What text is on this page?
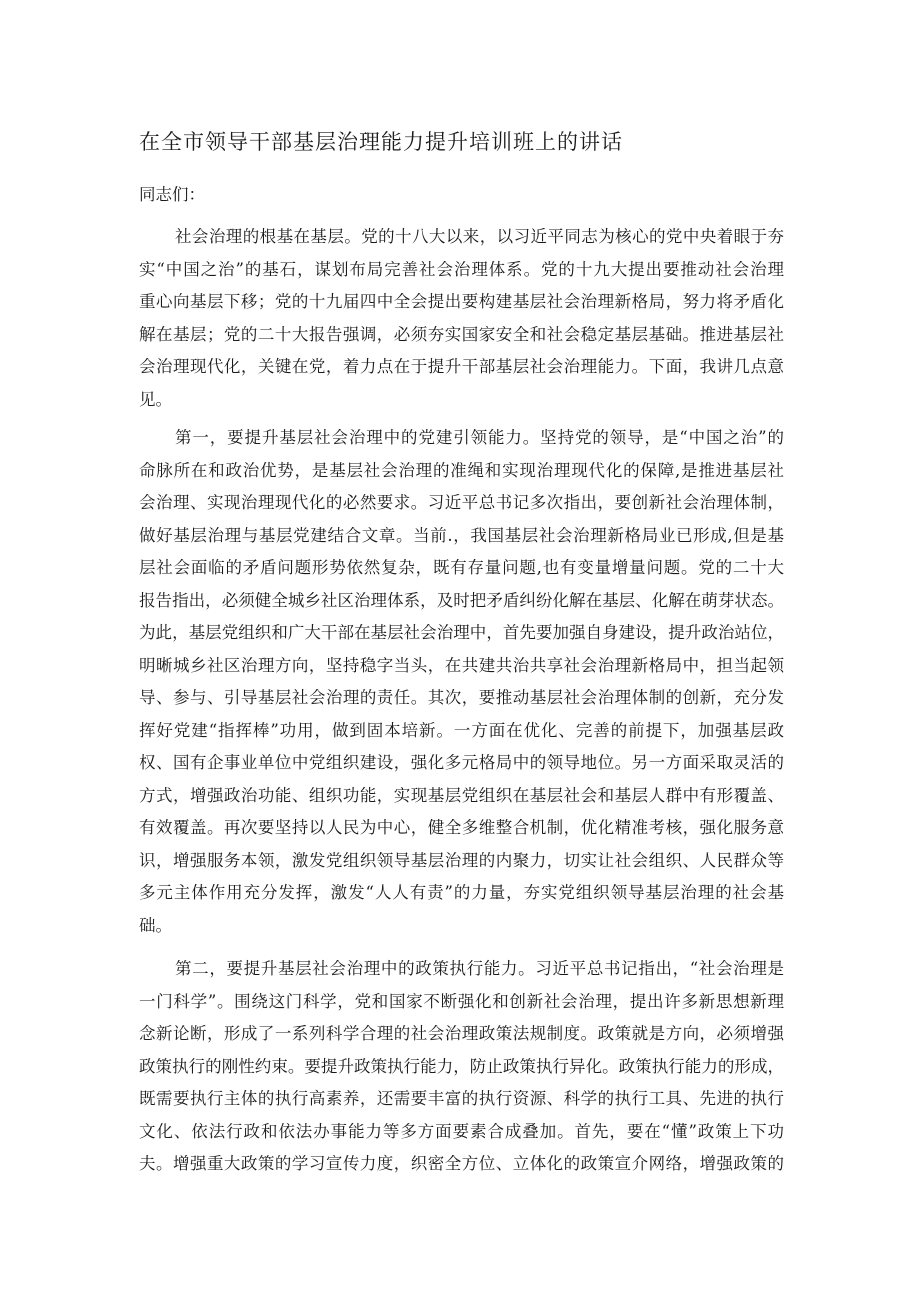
在全市领导干部基层治理能力提升培训班上的讲话
同志们：
社会治理的根基在基层。党的十八大以来，以习近平同志为核心的党中央着眼于夯
实“中国之治”的基石，谋划布局完善社会治理体系。党的十九大提出要推动社会治理
重心向基层下移；党的十九届四中全会提出要构建基层社会治理新格局，努力将矛盾化
解在基层；党的二十大报告强调，必须夯实国家安全和社会稳定基层基础。推进基层社
会治理现代化，关键在党，着力点在于提升干部基层社会治理能力。下面，我讲几点意
见。
第一，要提升基层社会治理中的党建引领能力。坚持党的领导，是“中国之治”的
命脉所在和政治优势，是基层社会治理的准绳和实现治理现代化的保障,是推进基层社
会治理、实现治理现代化的必然要求。习近平总书记多次指出，要创新社会治理体制，
做好基层治理与基层党建结合文章。当前.，我国基层社会治理新格局业已形成,但是基
层社会面临的矛盾问题形势依然复杂，既有存量问题,也有变量增量问题。党的二十大
报告指出，必须健全城乡社区治理体系，及时把矛盾纠纷化解在基层、化解在萌芽状态。
为此，基层党组织和广大干部在基层社会治理中，首先要加强自身建设，提升政治站位，
明晰城乡社区治理方向，坚持稳字当头，在共建共治共享社会治理新格局中，担当起领
导、参与、引导基层社会治理的责任。其次，要推动基层社会治理体制的创新，充分发
挥好党建“指挥棒”功用，做到固本培新。一方面在优化、完善的前提下，加强基层政
权、国有企事业单位中党组织建设，强化多元格局中的领导地位。另一方面采取灵活的
方式，增强政治功能、组织功能，实现基层党组织在基层社会和基层人群中有形覆盖、
有效覆盖。再次要坚持以人民为中心，健全多维整合机制，优化精准考核，强化服务意
识，增强服务本领，激发党组织领导基层治理的内聚力，切实让社会组织、人民群众等
多元主体作用充分发挥，激发“人人有责”的力量，夯实党组织领导基层治理的社会基
础。
第二，要提升基层社会治理中的政策执行能力。习近平总书记指出，“社会治理是
一门科学”。围绕这门科学，党和国家不断强化和创新社会治理，提出许多新思想新理
念新论断，形成了一系列科学合理的社会治理政策法规制度。政策就是方向，必须增强
政策执行的刚性约束。要提升政策执行能力，防止政策执行异化。政策执行能力的形成，
既需要执行主体的执行高素养，还需要丰富的执行资源、科学的执行工具、先进的执行
文化、依法行政和依法办事能力等多方面要素合成叠加。首先，要在“懂”政策上下功
夫。增强重大政策的学习宣传力度，织密全方位、立体化的政策宣介网络，增强政策的
